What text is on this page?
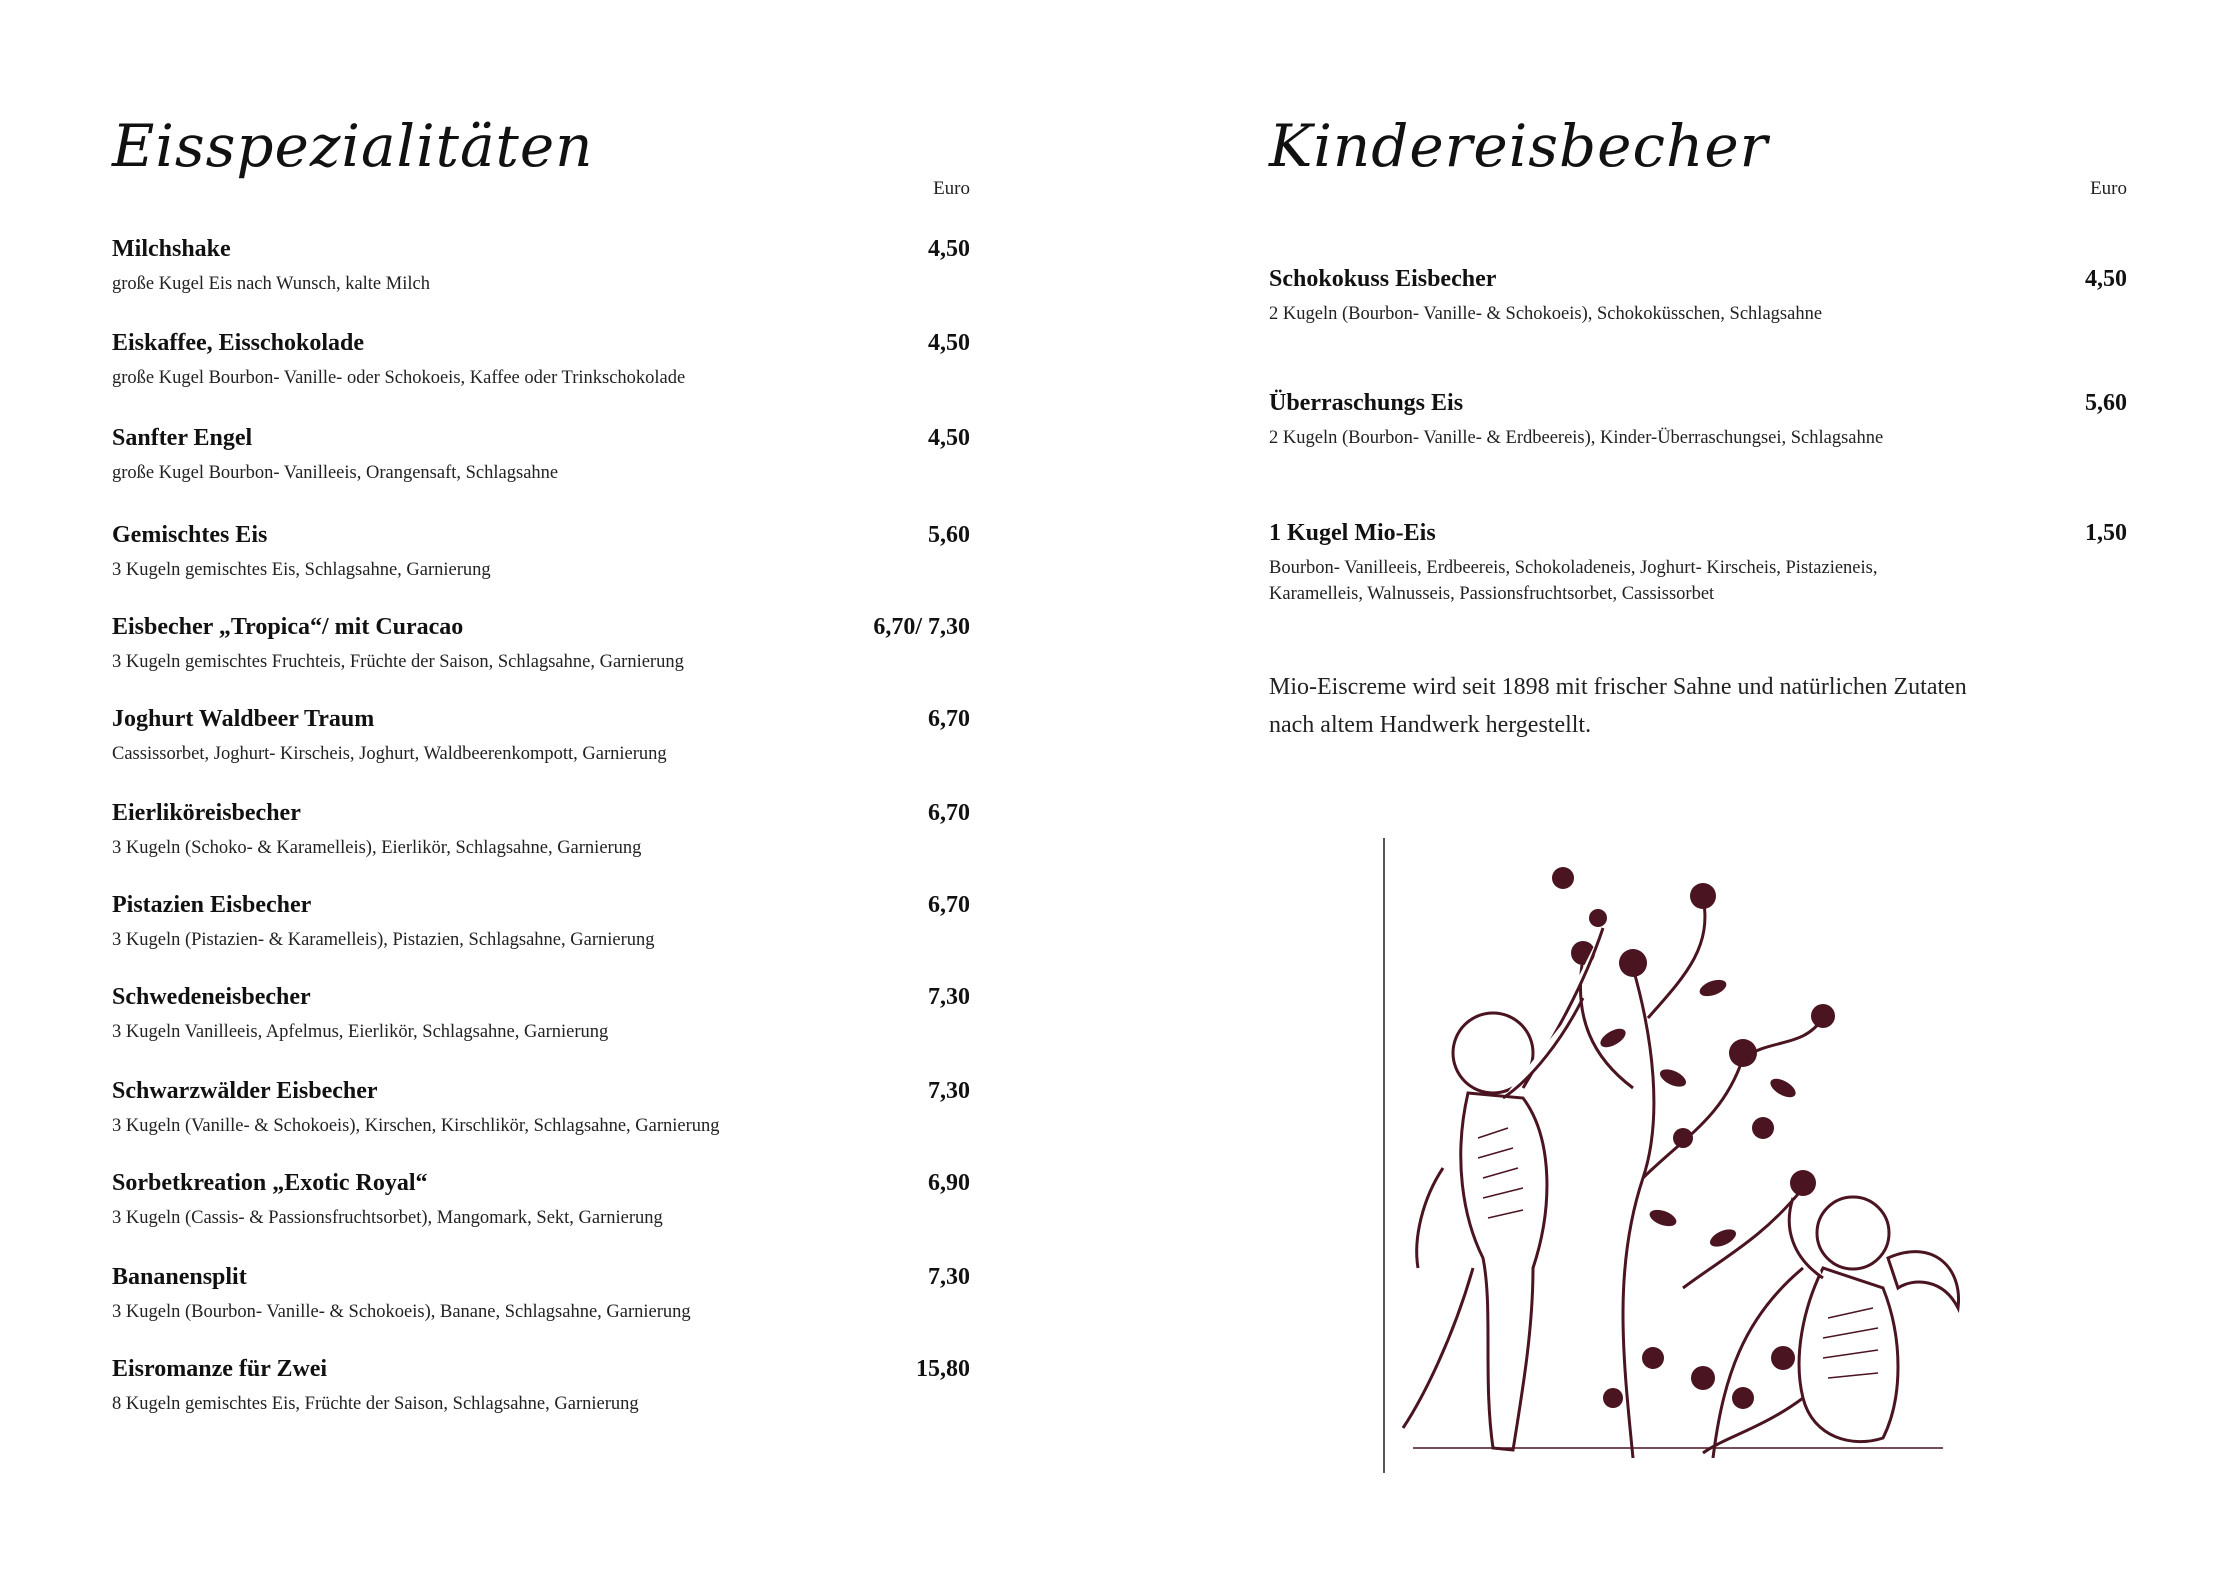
Eisspezialitäten
Euro
Milchshake	4,50
große Kugel Eis nach Wunsch, kalte Milch
Eiskaffee, Eisschokolade	4,50
große Kugel Bourbon- Vanille- oder Schokoeis, Kaffee oder Trinkschokolade
Sanfter Engel	4,50
große Kugel Bourbon- Vanilleeis, Orangensaft, Schlagsahne
Gemischtes Eis	5,60
3 Kugeln gemischtes Eis, Schlagsahne, Garnierung
Eisbecher „Tropica“/ mit Curacao	6,70/ 7,30
3 Kugeln gemischtes Fruchteis, Früchte der Saison, Schlagsahne, Garnierung
Joghurt Waldbeer Traum	6,70
Cassissorbet, Joghurt- Kirscheis, Joghurt, Waldbeerenkompott, Garnierung
Eierlikӧreisbecher	6,70
3 Kugeln (Schoko- & Karamelleis), Eierlikӧr, Schlagsahne, Garnierung
Pistazien Eisbecher	6,70
3 Kugeln (Pistazien- & Karamelleis), Pistazien, Schlagsahne, Garnierung
Schwedeneisbecher	7,30
3 Kugeln Vanilleeis, Apfelmus, Eierlikӧr, Schlagsahne, Garnierung
Schwarzwälder Eisbecher	7,30
3 Kugeln (Vanille- & Schokoeis), Kirschen, Kirschlikӧr, Schlagsahne, Garnierung
Sorbetkreation „Exotic Royal“	6,90
3 Kugeln (Cassis- & Passionsfruchtsorbet), Mangomark, Sekt, Garnierung
Bananensplit	7,30
3 Kugeln (Bourbon- Vanille- & Schokoeis), Banane, Schlagsahne, Garnierung
Eisromanze für Zwei	15,80
8 Kugeln gemischtes Eis, Früchte der Saison, Schlagsahne, Garnierung
Kindereisbecher
Euro
Schokokuss Eisbecher	4,50
2 Kugeln (Bourbon- Vanille- & Schokoeis), Schokoküsschen, Schlagsahne
Überraschungs Eis	5,60
2 Kugeln (Bourbon- Vanille- & Erdbeereis), Kinder-Überraschungsei, Schlagsahne
1 Kugel Mio-Eis	1,50
Bourbon- Vanilleeis, Erdbeereis, Schokoladeneis, Joghurt- Kirscheis, Pistazieneis,
Karamelleis, Walnusseis, Passionsfruchtsorbet, Cassissorbet
Mio-Eiscreme wird seit 1898 mit frischer Sahne und natürlichen Zutaten
nach altem Handwerk hergestellt.
